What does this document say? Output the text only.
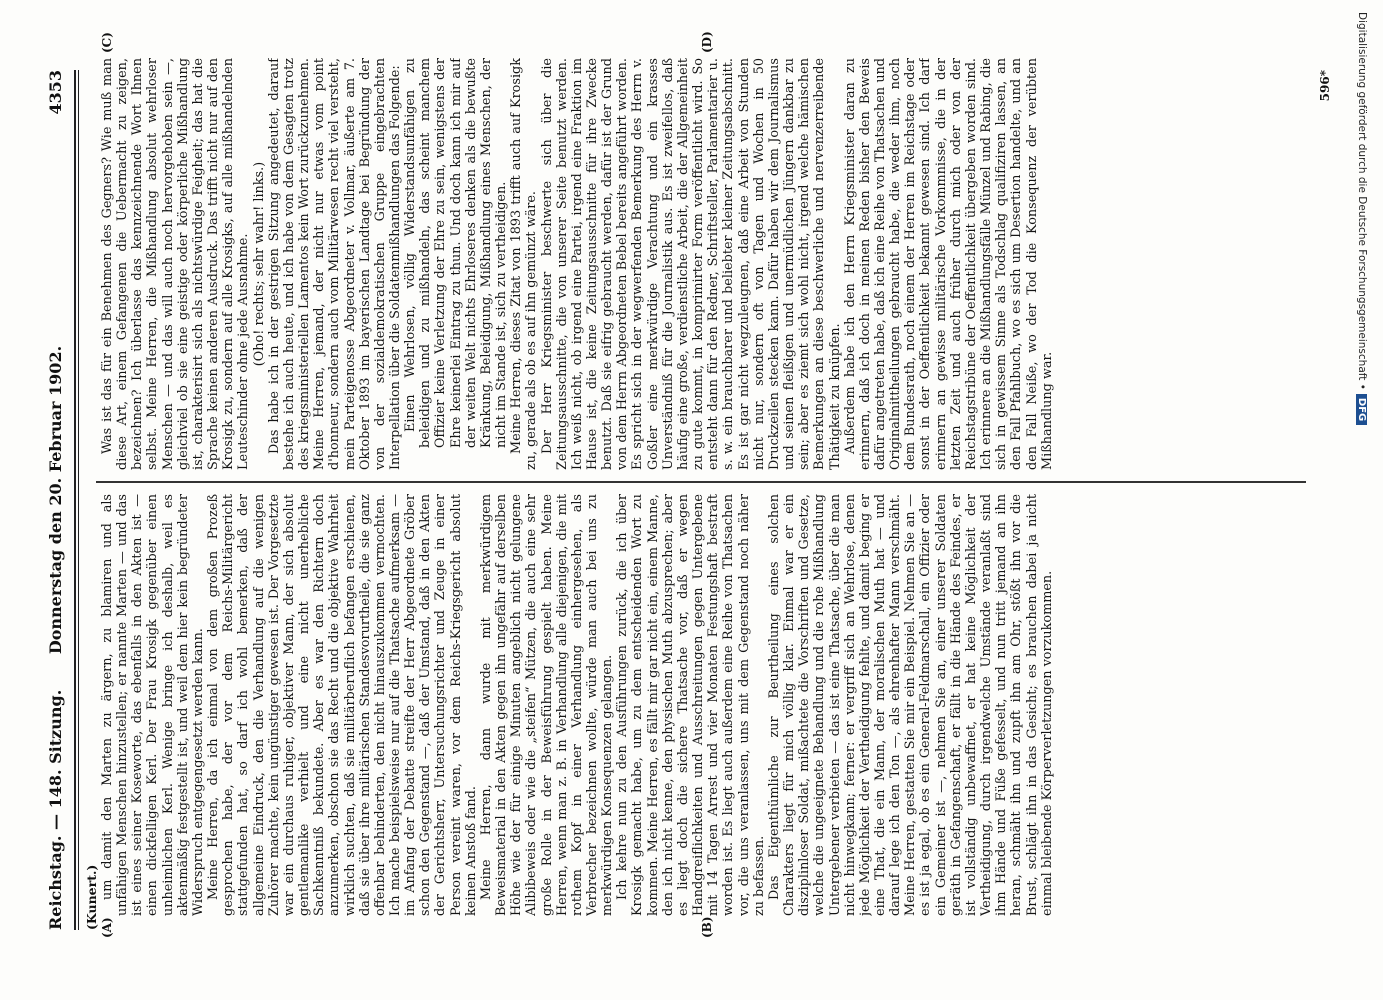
Reichstag. — 148. Sitzung.
Donnerstag den 20. Februar 1902.
4353
(Kunert.) (A)	(B)
(C)	(D)

um damit den Marten zu ärgern, zu blamiren und als unfähigen Menschen hinzustellen; er nannte Marten — und das ist eines seiner Koseworte, das ebenfalls in den Akten ist — einen dickfelligen Kerl. Der Frau Krosigk gegenüber einen unheimlichen Kerl. Wenige bringe ich deshalb, weil es aktenmäßig festgestellt ist, und weil dem hier kein begründeter Widerspruch entgegengesetzt werden kann. Meine Herren, da ich einmal von dem großen Prozeß gesprochen habe, der vor dem Reichs-Militärgericht stattgefunden hat, so darf ich wohl bemerken, daß der allgemeine Eindruck, den die Verhandlung auf die wenigen Zuhörer machte, kein ungünstiger gewesen ist. Der Vorgesetzte war ein durchaus ruhiger, objektiver Mann, der sich absolut gentlemanlike verhielt und eine nicht unerhebliche Sachkenntniß bekundete. Aber es war den Richtern doch anzumerken, obschon sie das Recht und die objektive Wahrheit wirklich suchten, daß sie militärberuflich befangen erschienen, daß sie über ihre militärischen Standesvorurtheile, die sie ganz offenbar behinderten, den nicht hinauszukommen vermochten. Ich mache beispielsweise nur auf die Thatsache aufmerksam — im Anfang der Debatte streifte der Herr Abgeordnete Gröber schon den Gegenstand —, daß der Umstand, daß in den Akten der Gerichtsherr, Untersuchungsrichter und Zeuge in einer Person vereint waren, vor dem Reichs-Kriegsgericht absolut keinen Anstoß fand. Meine Herren, dann wurde mit merkwürdigem Beweismaterial in den Akten gegen ihn ungefähr auf derselben Höhe wie der für einige Minuten angeblich nicht gelungene Alibibeweis oder wie die „steifen“ Mützen, die auch eine sehr große Rolle in der Beweisführung gespielt haben. Meine Herren, wenn man z. B. in Verhandlung alle diejenigen, die mit rothem Kopf in einer Verhandlung einhergesehen, als Verbrecher bezeichnen wollte, würde man auch bei uns zu merkwürdigen Konsequenzen gelangen. Ich kehre nun zu den Ausführungen zurück, die ich über Krosigk gemacht habe, um zu dem entscheidenden Wort zu kommen. Meine Herren, es fällt mir gar nicht ein, einem Manne, den ich nicht kenne, den physischen Muth abzusprechen; aber es liegt doch die sichere Thatsache vor, daß er wegen Handgreiflichkeiten und Ausschreitungen gegen Untergebene mit 14 Tagen Arrest und vier Monaten Festungshaft bestraft worden ist. Es liegt auch außerdem eine Reihe von Thatsachen vor, die uns veranlassen, uns mit dem Gegenstand noch näher zu befassen. Das Eigenthümliche zur Beurtheilung eines solchen Charakters liegt für mich völlig klar. Einmal war er ein disziplinloser Soldat, mißachtete die Vorschriften und Gesetze, welche die ungeeignete Behandlung und die rohe Mißhandlung Untergebener verbieten — das ist eine Thatsache, über die man nicht hinwegkann; ferner: er vergriff sich an Wehrlose, denen jede Möglichkeit der Vertheidigung fehlte, und damit beging er eine That, die ein Mann, der moralischen Muth hat — und darauf lege ich den Ton —, als ehrenhafter Mann verschmäht. Meine Herren, gestatten Sie mir ein Beispiel. Nehmen Sie an — es ist ja egal, ob es ein General-Feldmarschall, ein Offizier oder ein Gemeiner ist —, nehmen Sie an, einer unserer Soldaten geräth in Gefangenschaft, er fällt in die Hände des Feindes, er ist vollständig unbewaffnet, er hat keine Möglichkeit der Vertheidigung, durch irgendwelche Umstände veranlaßt sind ihm Hände und Füße gefesselt, und nun tritt jemand an ihn heran, schmäht ihn und zupft ihn am Ohr, stößt ihn vor die Brust, schlägt ihn in das Gesicht; es brauchen dabei ja nicht einmal bleibende Körperverletzungen vorzukommen.

Was ist das für ein Benehmen des Gegners? Wie muß man diese Art, einem Gefangenen die Uebermacht zu zeigen, bezeichnen? Ich überlasse das kennzeichnende Wort Ihnen selbst. Meine Herren, die Mißhandlung absolut wehrloser Menschen — und das will auch noch hervorgehoben sein —, gleichviel ob sie eine geistige oder körperliche Mißhandlung ist, charakterisirt sich als nichtswürdige Feigheit; das hat die Sprache keinen anderen Ausdruck. Das trifft nicht nur auf den Krosigk zu, sondern auf alle Krosigks, auf alle mißhandelnden Leuteschinder ohne jede Ausnahme. (Oho! rechts; sehr wahr! links.) Das habe ich in der gestrigen Sitzung angedeutet, darauf bestehe ich auch heute, und ich habe von dem Gesagten trotz des kriegsministeriellen Lamentos kein Wort zurückzunehmen. Meine Herren, jemand, der nicht nur etwas vom point d'honneur, sondern auch vom Militärwesen recht viel versteht, mein Parteigenosse Abgeordneter v. Vollmar, äußerte am 7. Oktober 1893 im bayerischen Landtage bei Begründung der von der sozialdemokratischen Gruppe eingebrachten Interpellation über die Soldatenmißhandlungen das Folgende: Einen Wehrlosen, völlig Widerstandsunfähigen zu beleidigen und zu mißhandeln, das scheint manchem Offizier keine Verletzung der Ehre zu sein, wenigstens der Ehre keinerlei Eintrag zu thun. Und doch kann ich mir auf der weiten Welt nichts Ehrloseres denken als die bewußte Kränkung, Beleidigung, Mißhandlung eines Menschen, der nicht im Stande ist, sich zu vertheidigen. Meine Herren, dieses Zitat von 1893 trifft auch auf Krosigk zu, gerade als ob es auf ihn gemünzt wäre. Der Herr Kriegsminister beschwerte sich über die Zeitungsausschnitte, die von unserer Seite benutzt werden. Ich weiß nicht, ob irgend eine Partei, irgend eine Fraktion im Hause ist, die keine Zeitungsausschnitte für ihre Zwecke benutzt. Daß sie eifrig gebraucht werden, dafür ist der Grund von dem Herrn Abgeordneten Bebel bereits angeführt worden. Es spricht sich in der wegwerfenden Bemerkung des Herrn v. Goßler eine merkwürdige Verachtung und ein krasses Unverständniß für die Journalistik aus. Es ist zweifellos, daß häufig eine große, verdienstliche Arbeit, die der Allgemeinheit zu gute kommt, in komprimirter Form veröffentlicht wird. So entsteht dann für den Redner, Schriftsteller, Parlamentarier u. s. w. ein brauchbarer und beliebter kleiner Zeitungsabschnitt. Es ist gar nicht wegzuleugnen, daß eine Arbeit von Stunden nicht nur, sondern oft von Tagen und Wochen in 50 Druckzeilen stecken kann. Dafür haben wir dem Journalismus und seinen fleißigen und unermüdlichen Jüngern dankbar zu sein; aber es ziemt sich wohl nicht, irgend welche hämischen Bemerkungen an diese beschwerliche und nervenzerreibende Thätigkeit zu knüpfen. Außerdem habe ich den Herrn Kriegsminister daran zu erinnern, daß ich doch in meinen Reden bisher den Beweis dafür angetreten habe, daß ich eine Reihe von Thatsachen und Originalmittheilungen gebraucht habe, die weder ihm, noch dem Bundesrath, noch einem der Herren im Reichstage oder sonst in der Oeffentlichkeit bekannt gewesen sind. Ich darf erinnern an gewisse militärische Vorkommnisse, die in der letzten Zeit und auch früher durch mich oder von der Reichstagstribüne der Oeffentlichkeit übergeben worden sind. Ich erinnere an die Mißhandlungsfälle Münzel und Rabing, die sich in gewissem Sinne als Todschlag qualifiziren lassen, an den Fall Pfahlbuch, wo es sich um Desertion handelte, und an den Fall Neiße, wo der Tod die Konsequenz der verübten Mißhandlung war.

596* Digitalisierung gefördert durch die Deutsche Forschungsgemeinschaft •DFG
